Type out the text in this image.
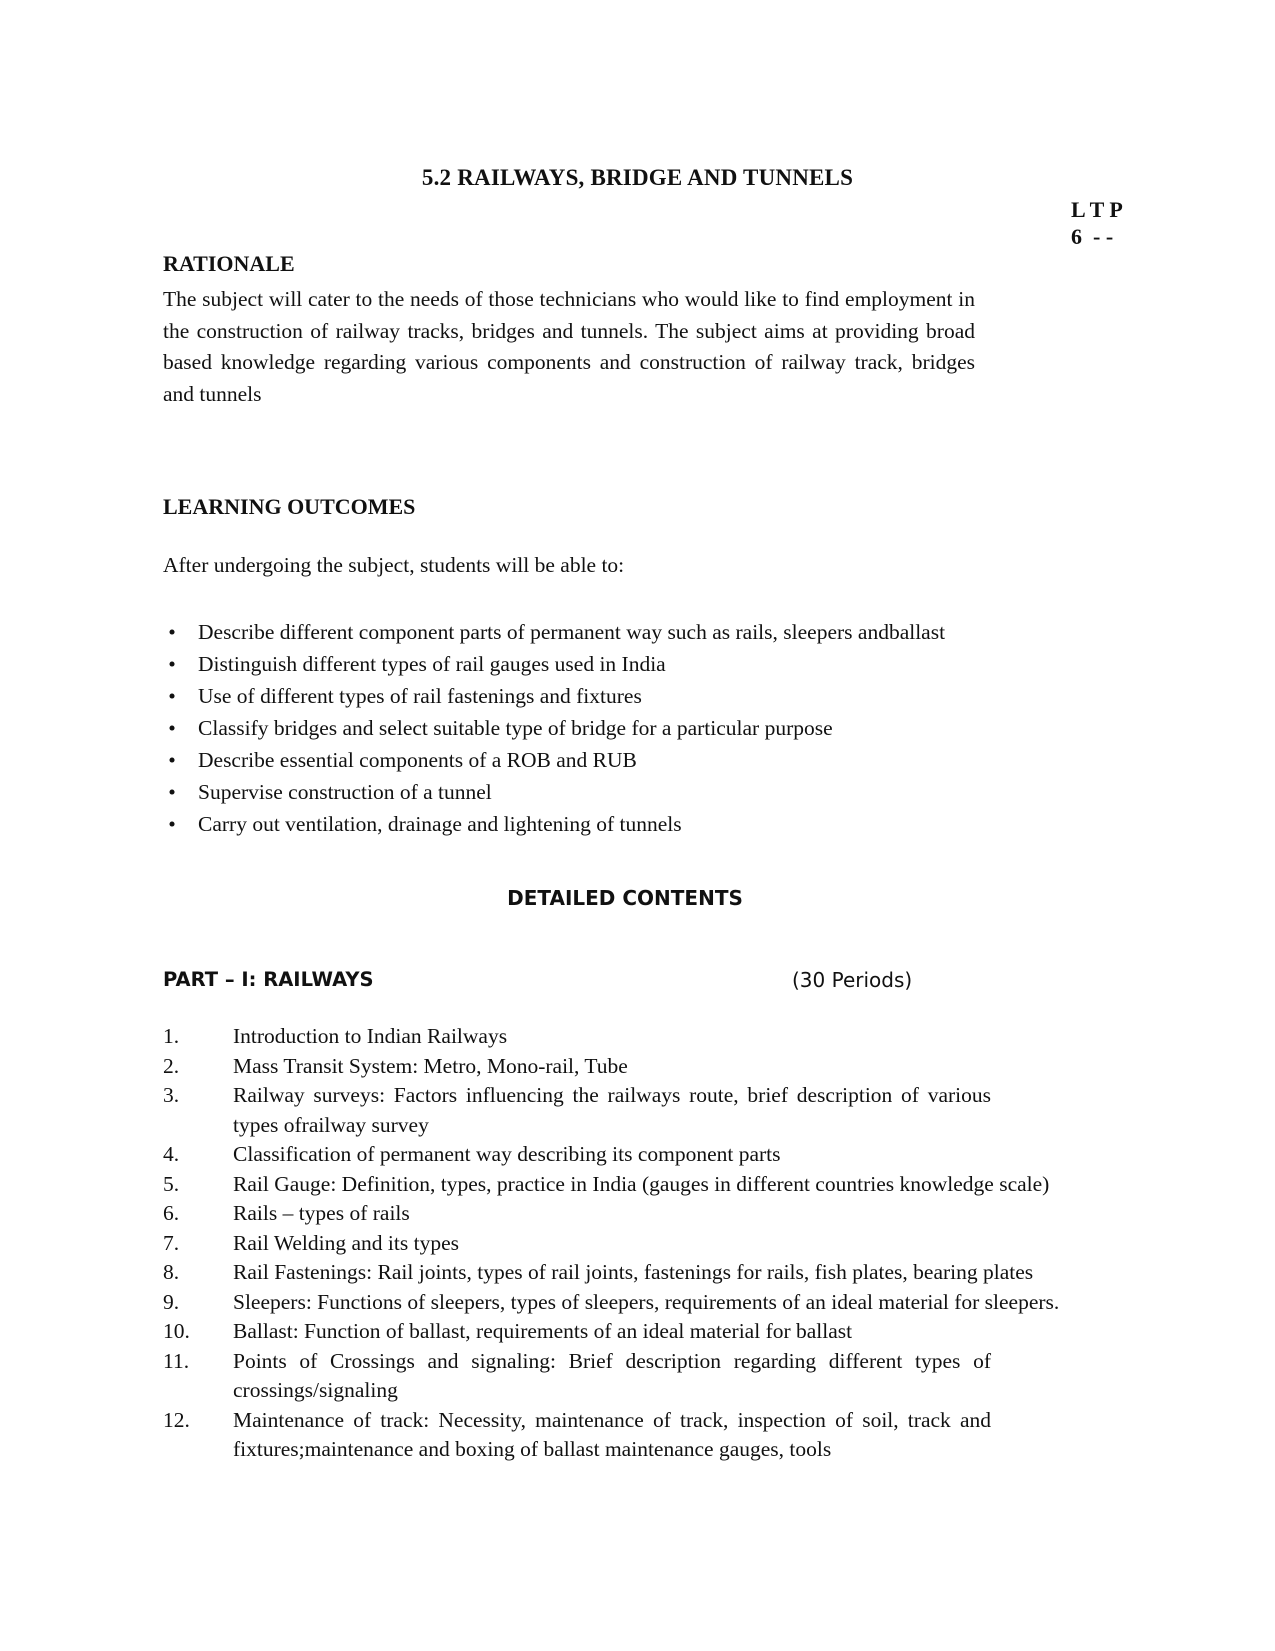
5.2 RAILWAYS, BRIDGE AND TUNNELS
L T P
6  - -
RATIONALE
The subject will cater to the needs of those technicians who would like to find employment in the construction of railway tracks, bridges and tunnels. The subject aims at providing broad based knowledge regarding various components and construction of railway track, bridges and tunnels
LEARNING OUTCOMES
After undergoing the subject, students will be able to:
• Describe different component parts of permanent way such as rails, sleepers andballast
• Distinguish different types of rail gauges used in India
• Use of different types of rail fastenings and fixtures
• Classify bridges and select suitable type of bridge for a particular purpose
• Describe essential components of a ROB and RUB
• Supervise construction of a tunnel
• Carry out ventilation, drainage and lightening of tunnels
DETAILED CONTENTS
PART – I: RAILWAYS	(30 Periods)
1.	Introduction to Indian Railways
2.	Mass Transit System: Metro, Mono-rail, Tube
3.	Railway surveys: Factors influencing the railways route, brief description of various types ofrailway survey
4.	Classification of permanent way describing its component parts
5.	Rail Gauge: Definition, types, practice in India (gauges in different countries knowledge scale)
6.	Rails – types of rails
7.	Rail Welding and its types
8.	Rail Fastenings: Rail joints, types of rail joints, fastenings for rails, fish plates, bearing plates
9.	Sleepers: Functions of sleepers, types of sleepers, requirements of an ideal material for sleepers.
10. Ballast: Function of ballast, requirements of an ideal material for ballast
11. Points of Crossings and signaling: Brief description regarding different types of crossings/signaling
12. Maintenance of track: Necessity, maintenance of track, inspection of soil, track and fixtures;maintenance and boxing of ballast maintenance gauges, tools
